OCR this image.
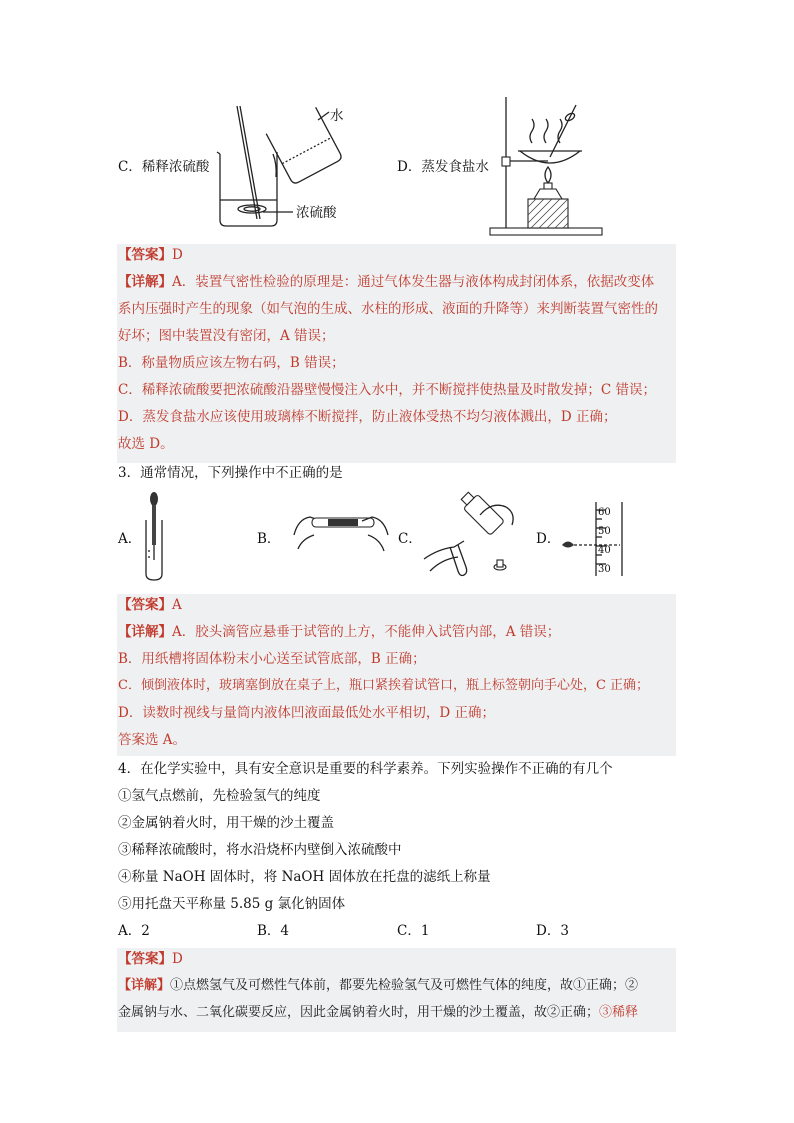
C．稀释浓硫酸
水
浓硫酸
D．蒸发食盐水
【答案】D
【详解】A．装置气密性检验的原理是：通过气体发生器与液体构成封闭体系，依据改变体
系内压强时产生的现象（如气泡的生成、水柱的形成、液面的升降等）来判断装置气密性的
好坏；图中装置没有密闭，A 错误；
B．称量物质应该左物右码，B 错误；
C．稀释浓硫酸要把浓硫酸沿器壁慢慢注入水中，并不断搅拌使热量及时散发掉；C 错误；
D．蒸发食盐水应该使用玻璃棒不断搅拌，防止液体受热不均匀液体溅出，D 正确；
故选 D。
3．通常情况，下列操作中不正确的是
A．	B．	C．	D．
60
50
40
30
【答案】A
【详解】A．胶头滴管应悬垂于试管的上方，不能伸入试管内部，A 错误；
B．用纸槽将固体粉末小心送至试管底部，B 正确；
C．倾倒液体时，玻璃塞倒放在桌子上，瓶口紧挨着试管口，瓶上标签朝向手心处，C 正确；
D．读数时视线与量筒内液体凹液面最低处水平相切，D 正确；
答案选 A。
4．在化学实验中，具有安全意识是重要的科学素养。下列实验操作不正确的有几个
①氢气点燃前，先检验氢气的纯度
②金属钠着火时，用干燥的沙土覆盖
③稀释浓硫酸时，将水沿烧杯内壁倒入浓硫酸中
④称量 NaOH 固体时，将 NaOH 固体放在托盘的滤纸上称量
⑤用托盘天平称量 5.85 g 氯化钠固体
A．2	B．4	C．1	D．3
【答案】D
【详解】①点燃氢气及可燃性气体前，都要先检验氢气及可燃性气体的纯度，故①正确；②
金属钠与水、二氧化碳要反应，因此金属钠着火时，用干燥的沙土覆盖，故②正确；③稀释
